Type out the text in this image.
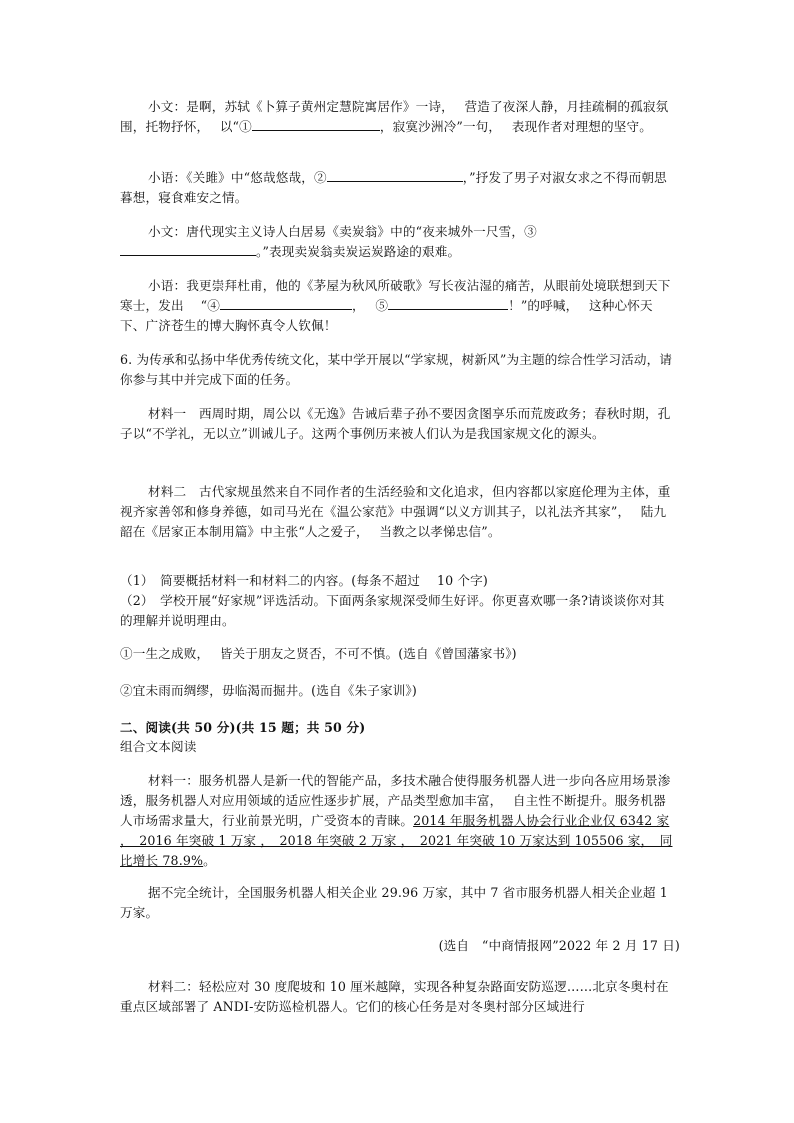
小文：是啊，苏轼《卜算子黄州定慧院寓居作》一诗，　 营造了夜深人静，月挂疏桐的孤寂氛围，托物抒怀，　 以“①	，寂寞沙洲冷”一句，　 表现作者对理想的坚守。
小语：《关雎》中“悠哉悠哉，②	，”抒发了男子对淑女求之不得而朝思暮想，寝食难安之情。
小文：唐代现实主义诗人白居易《卖炭翁》中的“夜来城外一尺雪，③
。”表现卖炭翁卖炭运炭路途的艰难。
小语：我更崇拜杜甫，他的《茅屋为秋风所破歌》写长夜沾湿的痛苦，从眼前处境联想到天下寒士，发出　 “④	，　 ⑤	！”的呼喊，　 这种心怀天下、广济苍生的博大胸怀真令人钦佩！
6. 为传承和弘扬中华优秀传统文化，某中学开展以“学家规，树新风”为主题的综合性学习活动，请你参与其中并完成下面的任务。
材料一　西周时期，周公以《无逸》告诫后辈子孙不要因贪图享乐而荒废政务；春秋时期，孔子以“不学礼，无以立”训诫儿子。这两个事例历来被人们认为是我国家规文化的源头。
材料二　古代家规虽然来自不同作者的生活经验和文化追求，但内容都以家庭伦理为主体，重视齐家善邻和修身养德，如司马光在《温公家范》中强调“以义方训其子，以礼法齐其家”，　 陆九韶在《居家正本制用篇》中主张“人之爱子，　 当教之以孝悌忠信”。
（1）　简要概括材料一和材料二的内容。(每条不超过　 10 个字)
（2）　学校开展“好家规”评选活动。下面两条家规深受师生好评。你更喜欢哪一条?请谈谈你对其的理解并说明理由。
①一生之成败，　 皆关于朋友之贤否，不可不慎。(选自《曾国藩家书》)
②宜未雨而绸缪，毋临渴而掘井。(选自《朱子家训》)
二、阅读(共 50 分)(共 15 题；共 50 分)
组合文本阅读
材料一：服务机器人是新一代的智能产品，多技术融合使得服务机器人进一步向各应用场景渗透，服务机器人对应用领域的适应性逐步扩展，产品类型愈加丰富，　 自主性不断提升。服务机器人市场需求量大，行业前景光明，广受资本的青睐。2014 年服务机器人协会行业企业仅 6342 家 ，　2016 年突破 1 万家 ，　2018 年突破 2 万家 ，　2021 年突破 10 万家达到 105506 家，　同比增长 78.9%。
据不完全统计，全国服务机器人相关企业 29.96 万家，其中 7 省市服务机器人相关企业超 1 万家。
(选自　“中商情报网”2022 年 2 月 17 日)
材料二：轻松应对 30 度爬坡和 10 厘米越障，实现各种复杂路面安防巡逻……北京冬奥村在重点区域部署了 ANDI-安防巡检机器人。它们的核心任务是对冬奥村部分区域进行
